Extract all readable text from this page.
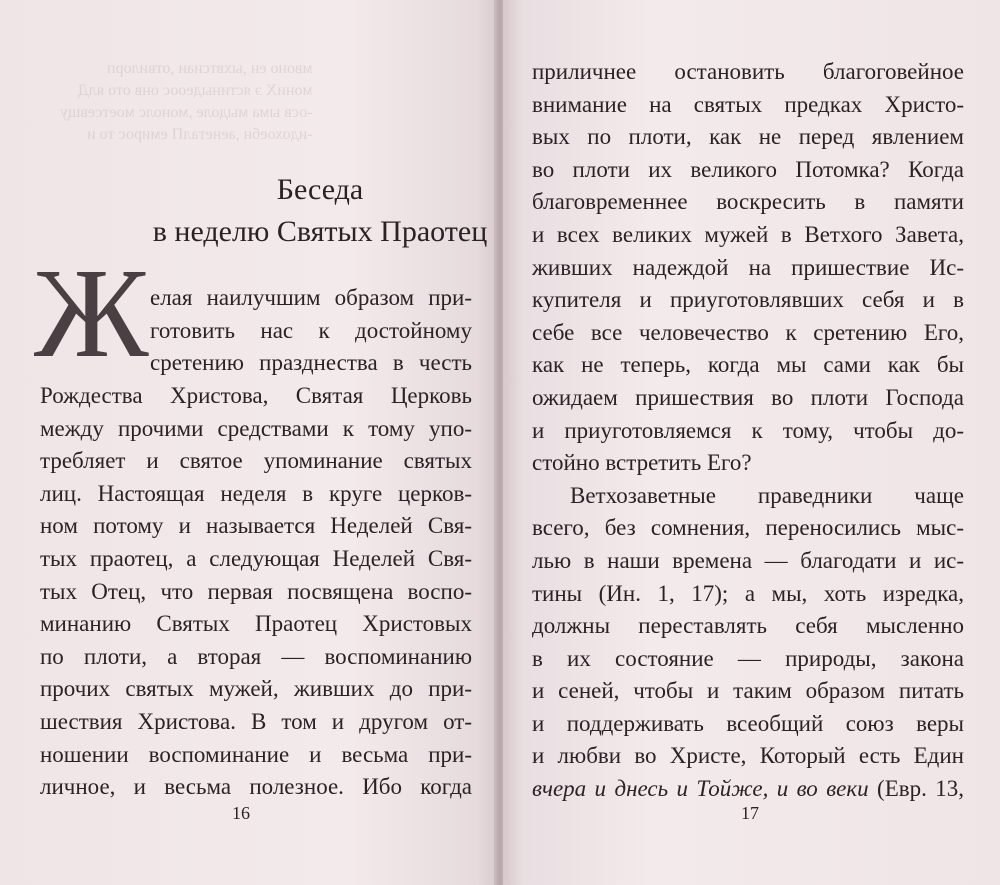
мвоно ен ,ыхвтсиаи ,отвилорп
мониХ э ястиныдеоос онв ото ялД
-осв ыма мыдоле ,монолс моетсевщу
-идохоебн ,аенеталП емирос то и
Беседа
в неделю Святых Праотец
Ж елая наилучшим образом при-
готовить нас к достойному
сретению празднества в честь
Рождества Христова, Святая Церковь
между прочими средствами к тому упо-
требляет и святое упоминание святых
лиц. Настоящая неделя в круге церков-
ном потому и называется Неделей Свя-
тых праотец, а следующая Неделей Свя-
тых Отец, что первая посвящена воспо-
минанию Святых Праотец Христовых
по плоти, а вторая — воспоминанию
прочих святых мужей, живших до при-
шествия Христова. В том и другом от-
ношении воспоминание и весьма при-
личное, и весьма полезное. Ибо когда
16
приличнее остановить благоговейное
внимание на святых предках Христо-
вых по плоти, как не перед явлением
во плоти их великого Потомка? Когда
благовременнее воскресить в памяти
и всех великих мужей в Ветхого Завета,
живших надеждой на пришествие Ис-
купителя и приуготовлявших себя и в
себе все человечество к сретению Его,
как не теперь, когда мы сами как бы
ожидаем пришествия во плоти Господа
и приуготовляемся к тому, чтобы до-
стойно встретить Его?
Ветхозаветные праведники чаще
всего, без сомнения, переносились мыс-
лью в наши времена — благодати и ис-
тины (Ин. 1, 17); а мы, хоть изредка,
должны переставлять себя мысленно
в их состояние — природы, закона
и сеней, чтобы и таким образом питать
и поддерживать всеобщий союз веры
и любви во Христе, Который есть Един
вчера и днесь и Тойже, и во веки (Евр. 13,
17
